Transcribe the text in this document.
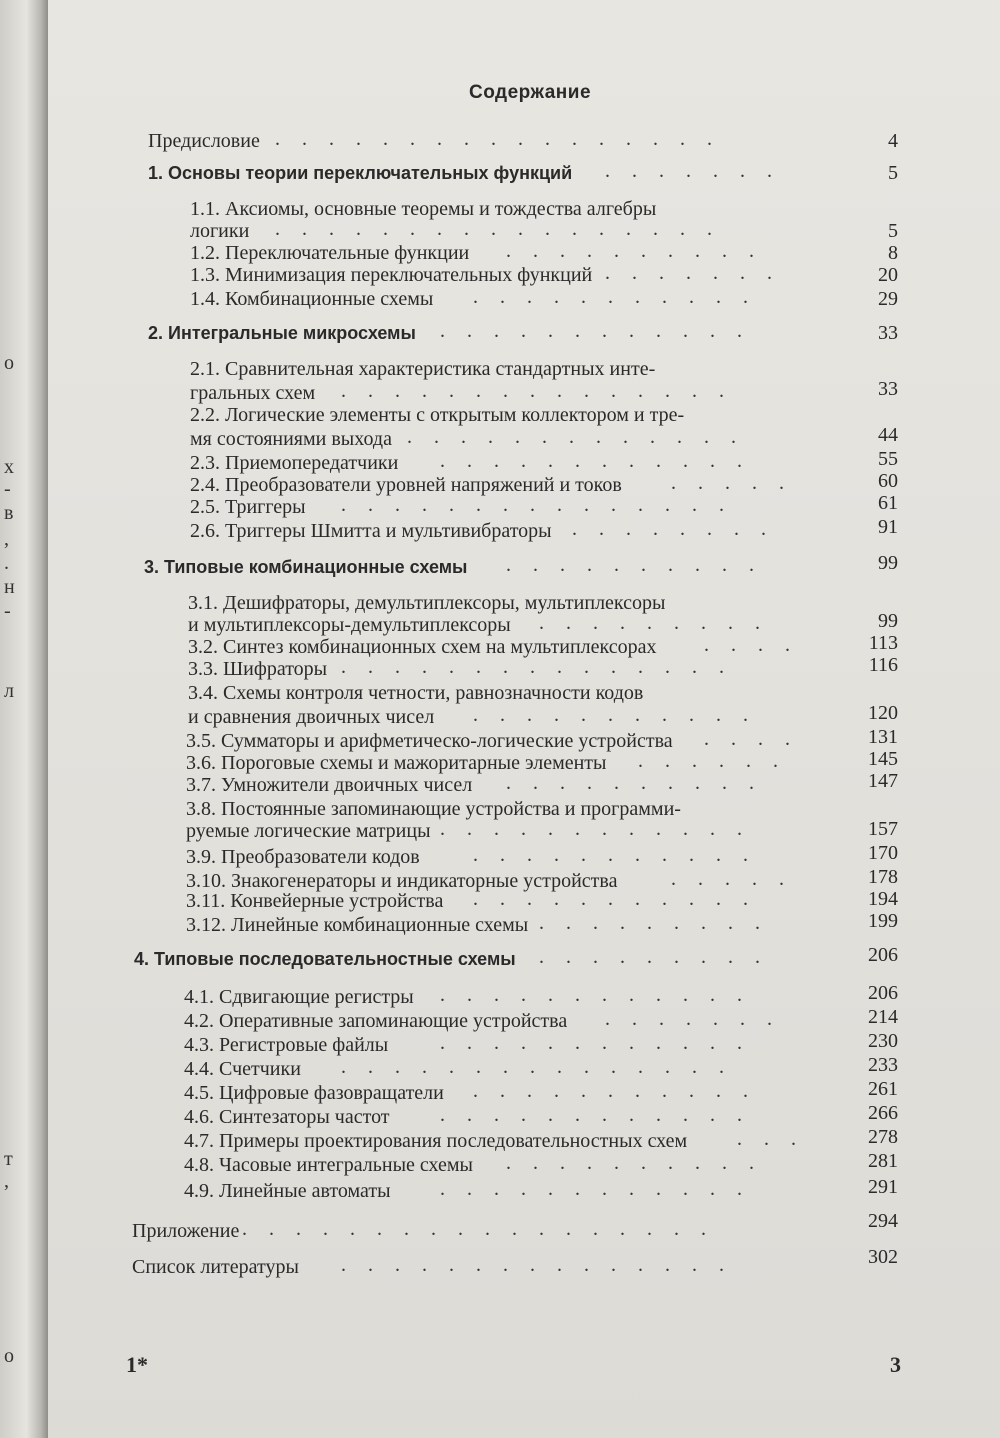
о
х
-
в
,
.
н
-
л
т
,
о
Содержание
Предисловие .................	4
1. Основы теории переключательных функций .......	5
1.1. Аксиомы, основные теоремы и тождества алгебры
логики .................	5
1.2. Переключательные функции ..........	8
1.3. Минимизация переключательных функций .......	20
1.4. Комбинационные схемы ...........	29
2. Интегральные микросхемы ............	33
2.1. Сравнительная характеристика стандартных инте-
гральных схем ...............	33
2.2. Логические элементы с открытым коллектором и тре-
мя состояниями выхода .............	44
2.3. Приемопередатчики ............	55
2.4. Преобразователи уровней напряжений и токов .....	60
2.5. Триггеры ...............	61
2.6. Триггеры Шмитта и мультивибраторы ........	91
3. Типовые комбинационные схемы ..........	99
3.1. Дешифраторы, демультиплексоры, мультиплексоры
и мультиплексоры-демультиплексоры .........	99
3.2. Синтез комбинационных схем на мультиплексорах ....	113
3.3. Шифраторы ...............	116
3.4. Схемы контроля четности, равнозначности кодов
и сравнения двоичных чисел ...........	120
3.5. Сумматоры и арифметическо-логические устройства ....	131
3.6. Пороговые схемы и мажоритарные элементы ......	145
3.7. Умножители двоичных чисел ..........	147
3.8. Постоянные запоминающие устройства и программи-
руемые логические матрицы ............	157
3.9. Преобразователи кодов	...........	170
3.10. Знакогенераторы и индикаторные устройства	.....	178
3.11. Конвейерные устройства ...........	194
3.12. Линейные комбинационные схемы .........	199
4. Типовые последовательностные схемы .........	206
4.1. Сдвигающие регистры ............	206
4.2. Оперативные запоминающие устройства .......	214
4.3. Регистровые файлы	............	230
4.4. Счетчики ...............	233
4.5. Цифровые фазовращатели ...........	261
4.6. Синтезаторы частот	............	266
4.7. Примеры проектирования последовательностных схем ...	278
4.8. Часовые интегральные схемы ..........	281
4.9. Линейные автоматы ............	291
Приложение ..................	294
Список литературы ...............	302
1*	3
